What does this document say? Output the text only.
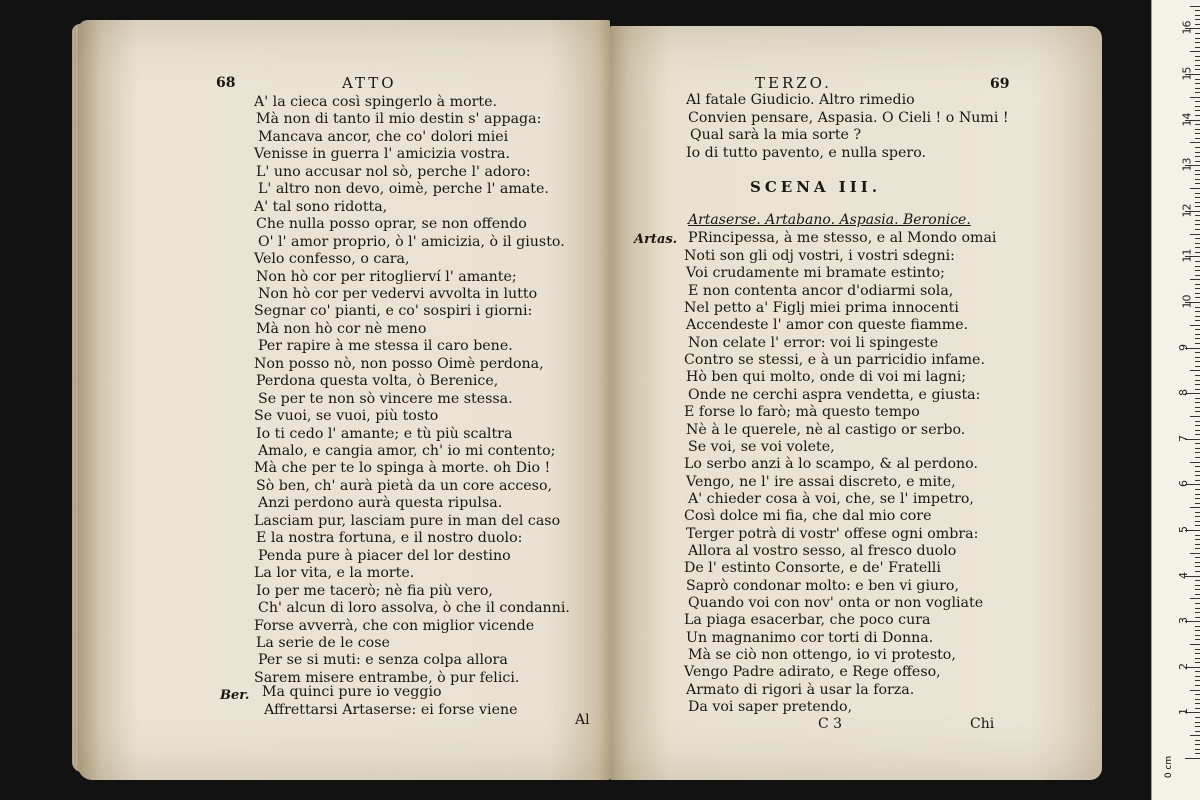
68	ATTO
A' la cieca così spingerlo à morte.
Mà non di tanto il mio destin s' appaga:
Mancava ancor, che co' dolori miei
Venisse in guerra l' amicizia vostra.
L' uno accusar nol sò, perche l' adoro:
L' altro non devo, oimè, perche l' amate.
A' tal sono ridotta,
Che nulla posso oprar, se non offendo
O' l' amor proprio, ò l' amicizia, ò il giusto.
Velo confesso, o cara,
Non hò cor per ritoglierví l' amante;
Non hò cor per vedervi avvolta in lutto
Segnar co' pianti, e co' sospiri i giorni:
Mà non hò cor nè meno
Per rapire à me stessa il caro bene.
Non posso nò, non posso Oimè perdona,
Perdona questa volta, ò Berenice,
Se per te non sò vincere me stessa.
Se vuoi, se vuoi, più tosto
Io ti cedo l' amante; e tù più scaltra
Amalo, e cangia amor, ch' io mi contento;
Mà che per te lo spinga à morte. oh Dio !
Sò ben, ch' aurà pietà da un core acceso,
Anzi perdono aurà questa ripulsa.
Lasciam pur, lasciam pure in man del caso
E la nostra fortuna, e il nostro duolo:
Penda pure à piacer del lor destino
La lor vita, e la morte.
Io per me tacerò; nè fia più vero,
Ch' alcun di loro assolva, ò che il condanni.
Forse avverrà, che con miglior vicende
La serie de le cose
Per se si muti: e senza colpa allora
Sarem misere entrambe, ò pur felici.
Ber. Ma quinci pure io veggio
Affrettarsi Artaserse: ei forse viene
Al
TERZO.	69
Al fatale Giudicio. Altro rimedio
Convien pensare, Aspasia. O Cieli ! o Numi !
Qual sarà la mia sorte ?
Io di tutto pavento, e nulla spero.
SCENA III.
Artaserse. Artabano. Aspasia. Beronice.
Artas. PRincipessa, à me stesso, e al Mondo omai
Noti son gli odj vostri, i vostri sdegni:
Voi crudamente mi bramate estinto;
E non contenta ancor d'odiarmi sola,
Nel petto a' Figlj miei prima innocenti
Accendeste l' amor con queste fiamme.
Non celate l' error: voi li spingeste
Contro se stessi, e à un parricidio infame.
Hò ben qui molto, onde di voi mi lagni;
Onde ne cerchi aspra vendetta, e giusta:
E forse lo farò; mà questo tempo
Nè à le querele, nè al castigo or serbo.
Se voi, se voi volete,
Lo serbo anzi à lo scampo, & al perdono.
Vengo, ne l' ire assai discreto, e mite,
A' chieder cosa à voi, che, se l' impetro,
Così dolce mi fia, che dal mio core
Terger potrà di vostr' offese ogni ombra:
Allora al vostro sesso, al fresco duolo
De l' estinto Consorte, e de' Fratelli
Saprò condonar molto: e ben vi giuro,
Quando voi con nov' onta or non vogliate
La piaga esacerbar, che poco cura
Un magnanimo cor torti di Donna.
Mà se ciò non ottengo, io vi protesto,
Vengo Padre adirato, e Rege offeso,
Armato di rigori à usar la forza.
Da voi saper pretendo,
C 3	Chi
16
15
14
13
12
11
10
9
8
7
6
5
4
3
2
1
0 cm
